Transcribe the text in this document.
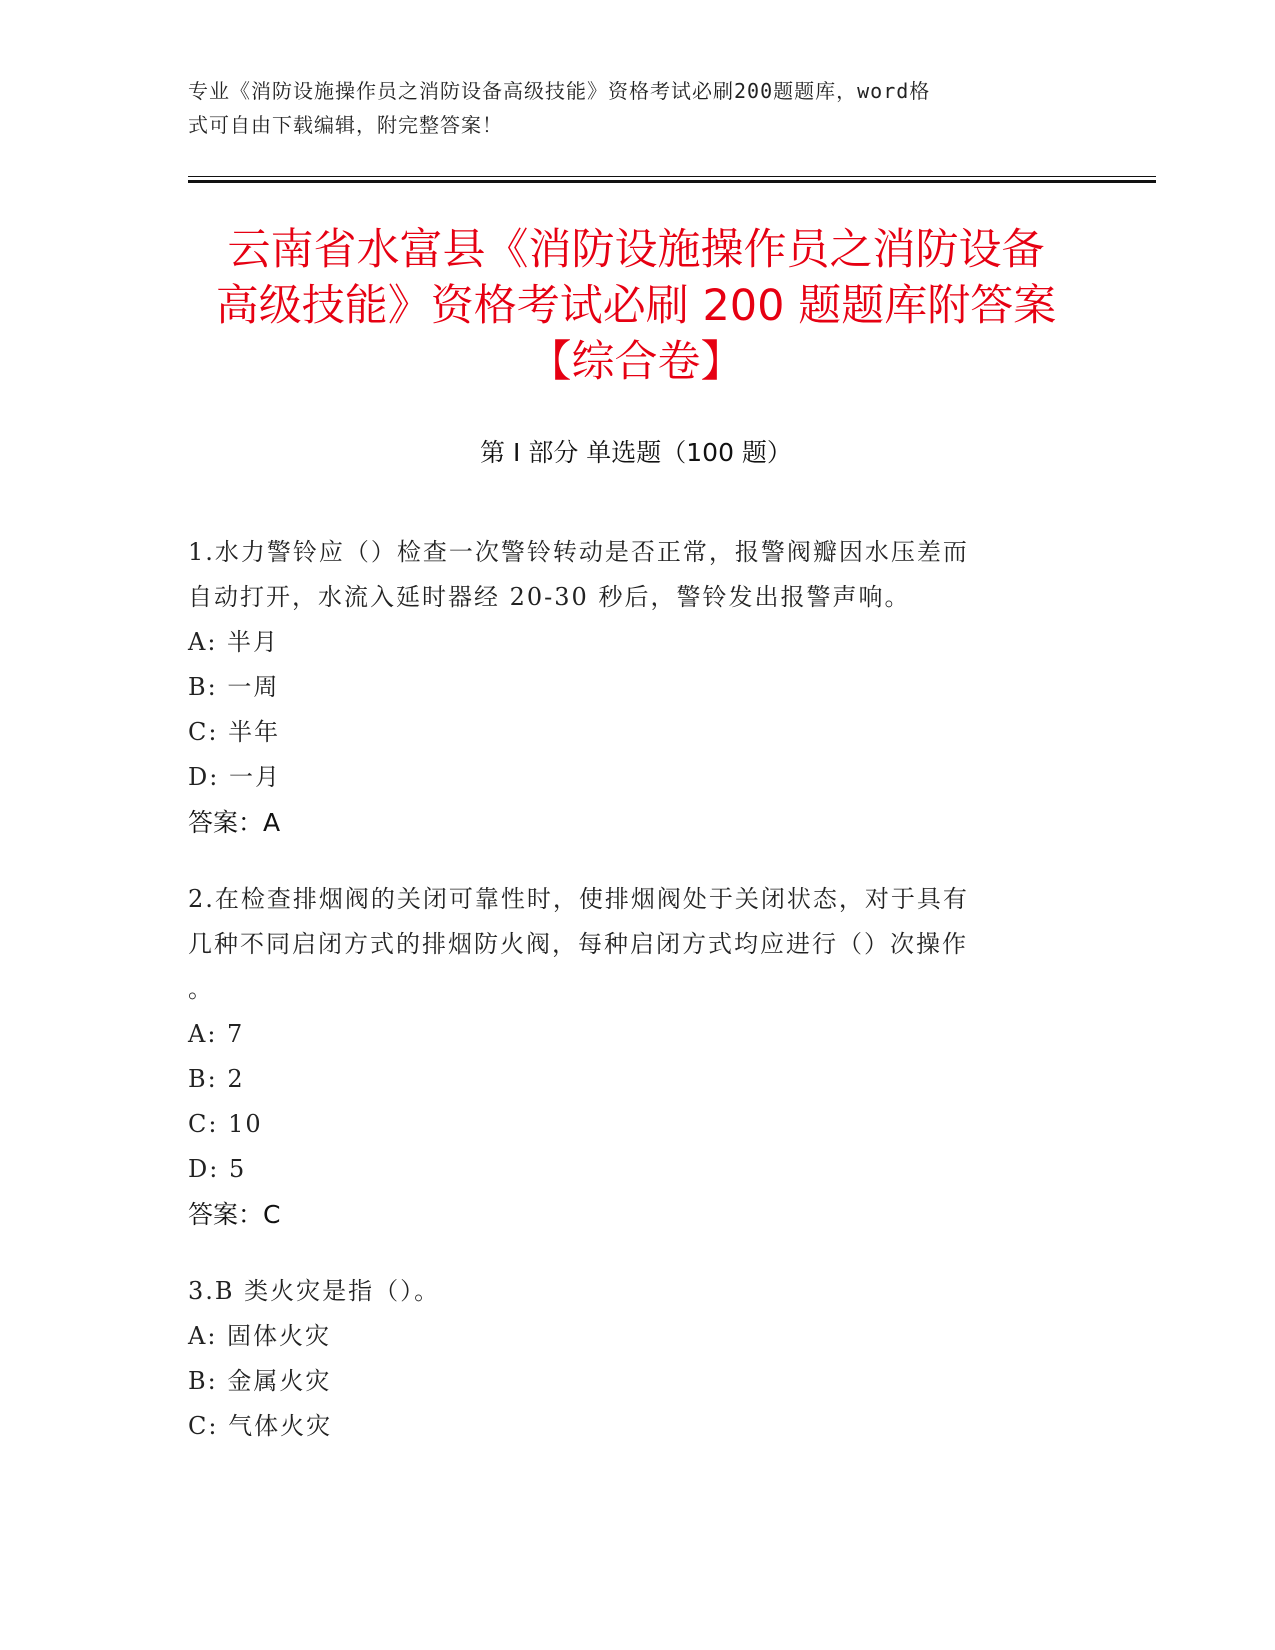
专业《消防设施操作员之消防设备高级技能》资格考试必刷200题题库，word格
式可自由下载编辑，附完整答案！
云南省水富县《消防设施操作员之消防设备
高级技能》资格考试必刷 200 题题库附答案
【综合卷】
第 I 部分 单选题（100 题）
1.水力警铃应（）检查一次警铃转动是否正常，报警阀瓣因水压差而
自动打开，水流入延时器经 20-30 秒后，警铃发出报警声响。
A: 半月
B: 一周
C: 半年
D: 一月
答案：A
2.在检查排烟阀的关闭可靠性时，使排烟阀处于关闭状态，对于具有
几种不同启闭方式的排烟防火阀，每种启闭方式均应进行（）次操作
。
A: 7
B: 2
C: 10
D: 5
答案：C
3.B 类火灾是指（）。
A: 固体火灾
B: 金属火灾
C: 气体火灾
